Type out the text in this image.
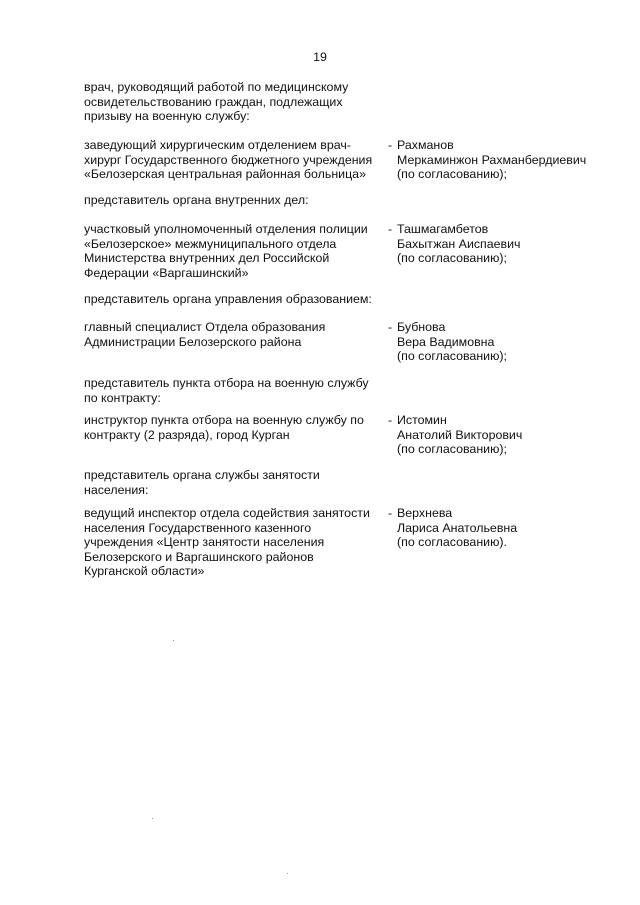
19
врач, руководящий работой по медицинскому
освидетельствованию граждан, подлежащих
призыву на военную службу:
заведующий хирургическим отделением врач-
хирург Государственного бюджетного учреждения
«Белозерская центральная районная больница»
- Рахманов
Меркаминжон Рахманбердиевич
(по согласованию);
представитель органа внутренних дел:
участковый уполномоченный отделения полиции
«Белозерское» межмуниципального отдела
Министерства внутренних дел Российской
Федерации «Варгашинский»
- Ташмагамбетов
Бахытжан Аиспаевич
(по согласованию);
представитель органа управления образованием:
главный специалист Отдела образования
Администрации Белозерского района
- Бубнова
Вера Вадимовна
(по согласованию);
представитель пункта отбора на военную службу
по контракту:
инструктор пункта отбора на военную службу по
контракту (2 разряда), город Курган
- Истомин
Анатолий Викторович
(по согласованию);
представитель органа службы занятости
населения:
ведущий инспектор отдела содействия занятости
населения Государственного казенного
учреждения «Центр занятости населения
Белозерского и Варгашинского районов
Курганской области»
- Верхнева
Лариса Анатольевна
(по согласованию).
